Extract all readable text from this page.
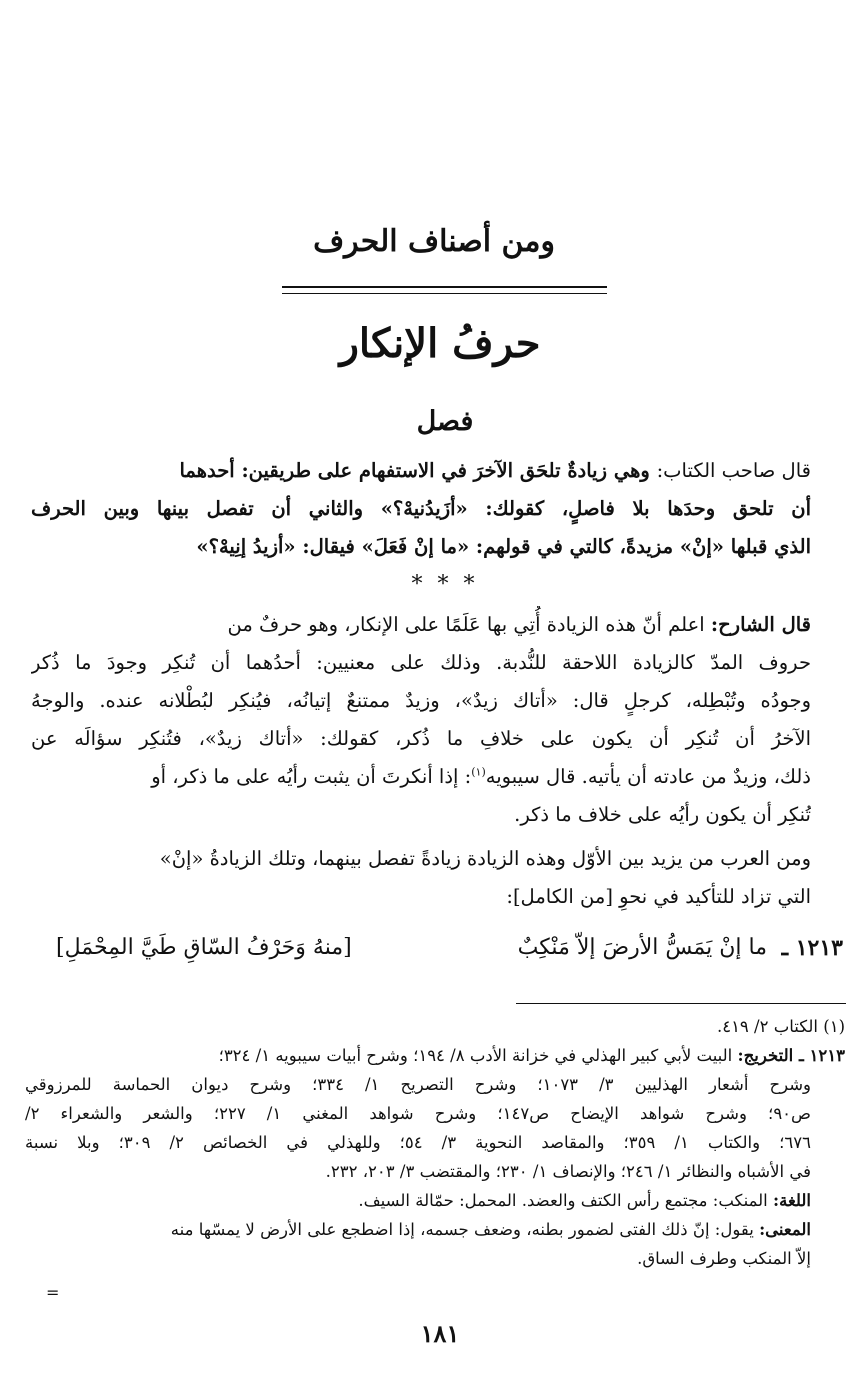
ومن أصناف الحرف
حرفُ الإنكار
فصل
قال صاحب الكتاب: وهي زيادةٌ تلحَق الآخرَ في الاستفهام على طريقين: أحدهما
أن تلحق وحدَها بلا فاصلٍ، كقولك: «أزَيدُنيهْ؟» والثاني أن تفصل بينها وبين الحرف
الذي قبلها «إنْ» مزيدةً، كالتي في قولهم: «ما إنْ فَعَلَ» فيقال: «أزيدُ إنِيهْ؟»
* * *
قال الشارح: اعلم أنّ هذه الزيادة أُتِي بها عَلَمًا على الإنكار، وهو حرفٌ من
حروف المدّ كالزيادة اللاحقة للنُّدبة. وذلك على معنيين: أحدُهما أن تُنكِر وجودَ ما ذُكر
وجودُه وتُبْطِله، كرجلٍ قال: «أتاك زيدٌ»، وزيدٌ ممتنعٌ إتيانُه، فيُنكِر لبُطْلانه عنده. والوجهُ
الآخرُ أن تُنكِر أن يكون على خلافِ ما ذُكر، كقولك: «أتاك زيدٌ»، فتُنكِر سؤالَه عن
ذلك، وزيدٌ من عادته أن يأتيه. قال سيبويه$^{(١)}$: إذا أنكرتَ أن يثبت رأيُه على ما ذكر، أو
تُنكِر أن يكون رأيُه على خلاف ما ذكر.
ومن العرب من يزيد بين الأوّل وهذه الزيادة زيادةً تفصل بينهما، وتلك الزيادةُ «إنْ»
التي تزاد للتأكيد في نحوِ [من الكامل]:
١٢١٣ ـ
ما إنْ يَمَسُّ الأرضَ إلاّ مَنْكِبٌ
[منهُ وَحَرْفُ السّاقِ طَيَّ المِحْمَلِ]
(١) الكتاب ٢/ ٤١٩.
١٢١٣ ـ التخريج: البيت لأبي كبير الهذلي في خزانة الأدب ٨/ ١٩٤؛ وشرح أبيات سيبويه ١/ ٣٢٤؛
وشرح أشعار الهذليين ٣/ ١٠٧٣؛ وشرح التصريح ١/ ٣٣٤؛ وشرح ديوان الحماسة للمرزوقي
ص٩٠؛ وشرح شواهد الإيضاح ص١٤٧؛ وشرح شواهد المغني ١/ ٢٢٧؛ والشعر والشعراء ٢/
٦٧٦؛ والكتاب ١/ ٣٥٩؛ والمقاصد النحوية ٣/ ٥٤؛ وللهذلي في الخصائص ٢/ ٣٠٩؛ وبلا نسبة
في الأشباه والنظائر ١/ ٢٤٦؛ والإنصاف ١/ ٢٣٠؛ والمقتضب ٣/ ٢٠٣، ٢٣٢.
اللغة: المنكب: مجتمع رأس الكتف والعضد. المحمل: حمّالة السيف.
المعنى: يقول: إنّ ذلك الفتى لضمور بطنه، وضعف جسمه، إذا اضطجع على الأرض لا يمسّها منه
إلاّ المنكب وطرف الساق.
=
١٨١
